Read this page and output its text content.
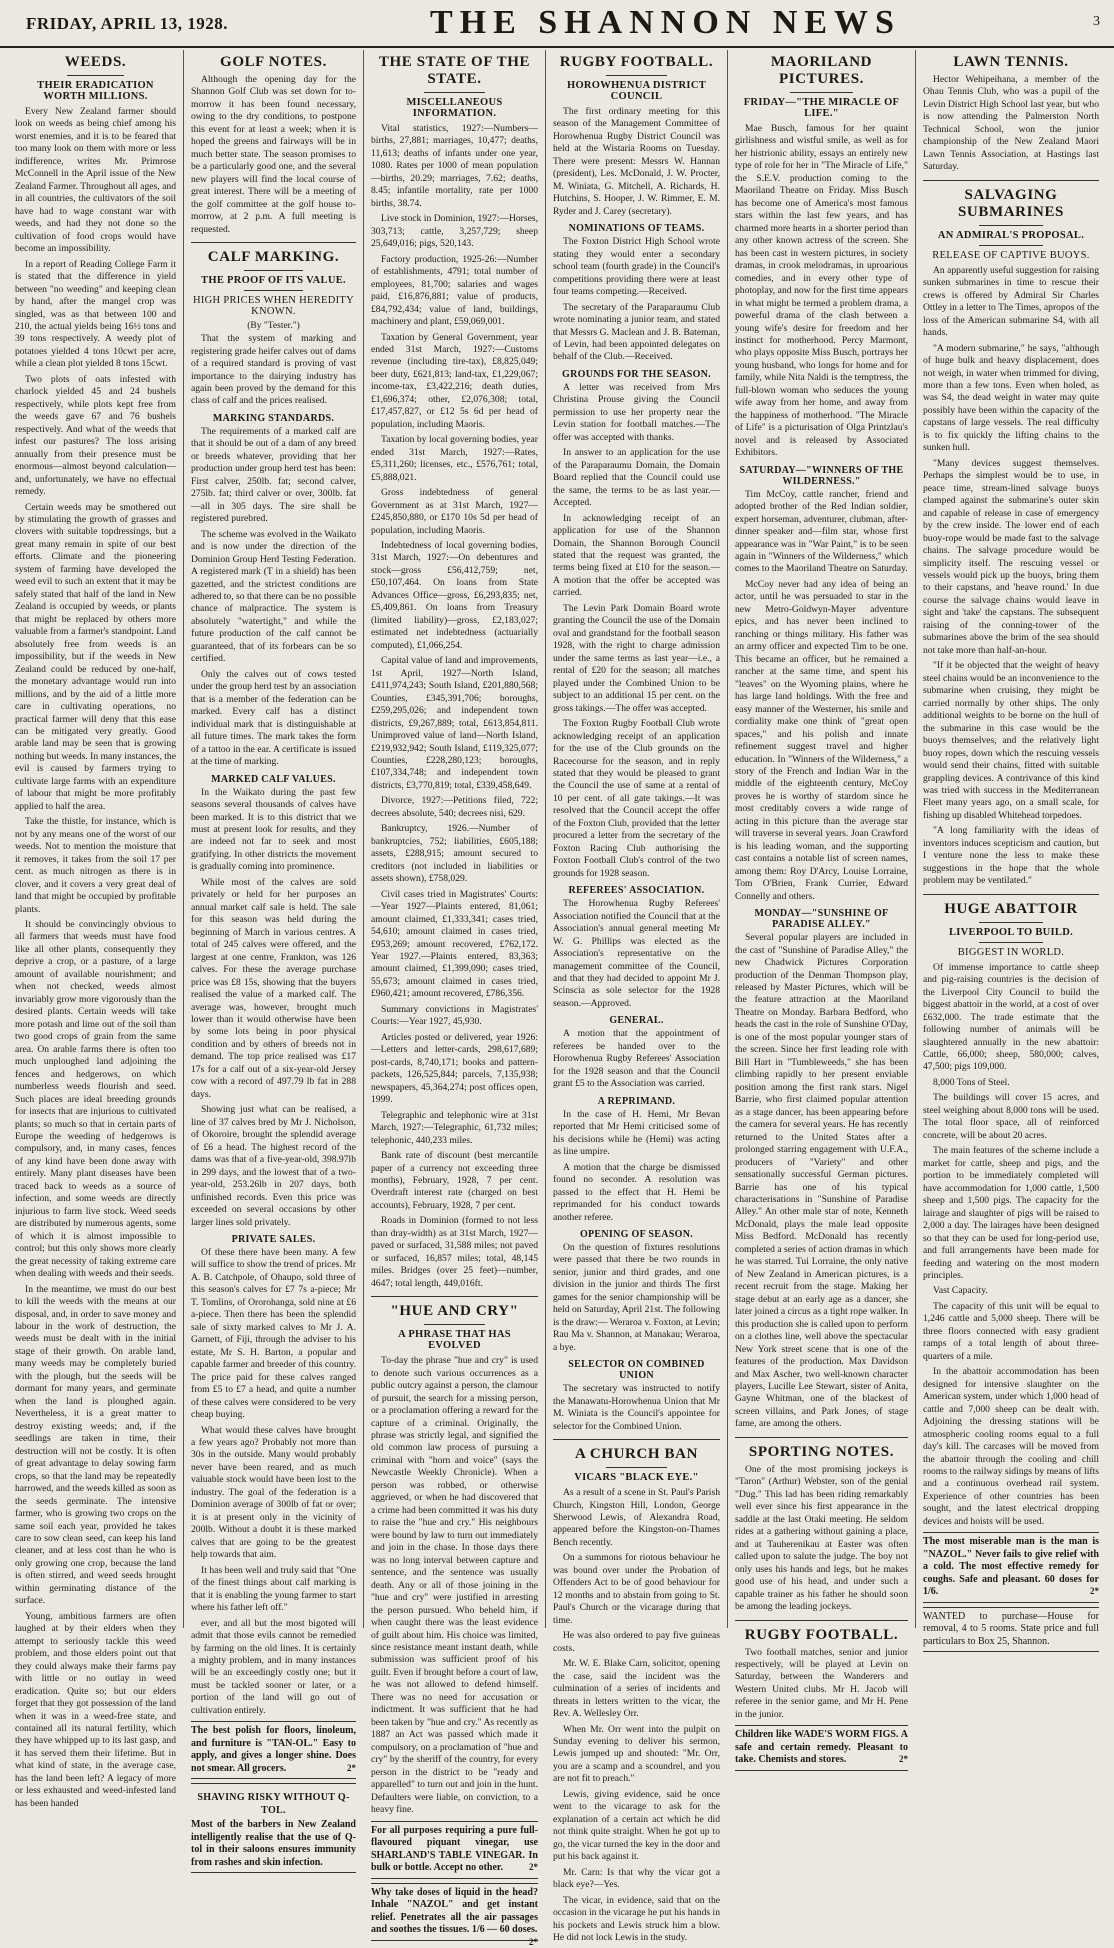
FRIDAY, APRIL 13, 1928.	THE SHANNON NEWS	3
WEEDS.
THEIR ERADICATION WORTH MILLIONS.

Every New Zealand farmer should look on weeds as being chief among his worst enemies, and it is to be feared that too many look on them with more or less indifference, writes Mr. Primrose McConnell in the April issue of the New Zealand Farmer. Throughout all ages, and in all countries, the cultivators of the soil have had to wage constant war with weeds, and had they not done so the cultivation of food crops would have become an impossibility.

In a report of Reading College Farm it is stated that the difference in yield between "no weeding" and keeping clean by hand, after the mangel crop was singled, was as that between 100 and 210, the actual yields being 16½ tons and 39 tons respectively. A weedy plot of potatoes yielded 4 tons 10cwt per acre, while a clean plot yielded 8 tons 15cwt.

Two plots of oats infested with charlock yielded 45 and 24 bushels respectively, while plots kept free from the weeds gave 67 and 76 bushels respectively. And what of the weeds that infest our pastures? The loss arising annually from their presence must be enormous—almost beyond calculation—and, unfortunately, we have no effectual remedy.

Certain weeds may be smothered out by stimulating the growth of grasses and clovers with suitable topdressings, but a great many remain in spite of our best efforts. Climate and the pioneering system of farming have developed the weed evil to such an extent that it may be safely stated that half of the land in New Zealand is occupied by weeds, or plants that might be replaced by others more valuable from a farmer's standpoint. Land absolutely free from weeds is an impossibility, but if the weeds in New Zealand could be reduced by one-half, the monetary advantage would run into millions, and by the aid of a little more care in cultivating operations, no practical farmer will deny that this ease can be mitigated very greatly. Good arable land may be seen that is growing nothing but weeds. In many instances, the evil is caused by farmers trying to cultivate large farms with an expenditure of labour that might be more profitably applied to half the area.

Take the thistle, for instance, which is not by any means one of the worst of our weeds. Not to mention the moisture that it removes, it takes from the soil 17 per cent. as much nitrogen as there is in clover, and it covers a very great deal of land that might be occupied by profitable plants.

It should be convincingly obvious to all farmers that weeds must have food like all other plants, consequently they deprive a crop, or a pasture, of a large amount of available nourishment; and when not checked, weeds almost invariably grow more vigorously than the desired plants. Certain weeds will take more potash and lime out of the soil than two good crops of grain from the same area. On arable farms there is often too much unploughed land adjoining the fences and hedgerows, on which numberless weeds flourish and seed. Such places are ideal breeding grounds for insects that are injurious to cultivated plants; so much so that in certain parts of Europe the weeding of hedgerows is compulsory, and, in many cases, fences of any kind have been done away with entirely. Many plant diseases have been traced back to weeds as a source of infection, and some weeds are directly injurious to farm live stock. Weed seeds are distributed by numerous agents, some of which it is almost impossible to control; but this only shows more clearly the great necessity of taking extreme care when dealing with weeds and their seeds.

In the meantime, we must do our best to kill the weeds with the means at our disposal, and, in order to save money and labour in the work of destruction, the weeds must be dealt with in the initial stage of their growth. On arable land, many weeds may be completely buried with the plough, but the seeds will be dormant for many years, and germinate when the land is ploughed again. Nevertheless, it is a great matter to destroy existing weeds; and, if the seedlings are taken in time, their destruction will not be costly. It is often of great advantage to delay sowing farm crops, so that the land may be repeatedly harrowed, and the weeds killed as soon as the seeds germinate. The intensive farmer, who is growing two crops on the same soil each year, provided he takes care to sow clean seed, can keep his land cleaner, and at less cost than he who is only growing one crop, because the land is often stirred, and weed seeds brought within germinating distance of the surface.

Young, ambitious farmers are often laughed at by their elders when they attempt to seriously tackle this weed problem, and those elders point out that they could always make their farms pay with little or no outlay in weed eradication. Quite so; but our elders forget that they got possession of the land when it was in a weed-free state, and contained all its natural fertility, which they have whipped up to its last gasp, and it has served them their lifetime. But in what kind of state, in the average case, has the land been left? A legacy of more or less exhausted and weed-infested land has been handed

GOLF NOTES.

Although the opening day for the Shannon Golf Club was set down for to-morrow it has been found necessary, owing to the dry conditions, to postpone this event for at least a week; when it is hoped the greens and fairways will be in much better state. The season promises to be a particularly good one, and the several new players will find the local course of great interest. There will be a meeting of the golf committee at the golf house to-morrow, at 2 p.m. A full meeting is requested.

CALF MARKING.
THE PROOF OF ITS VALUE.
HIGH PRICES WHEN HEREDITY KNOWN.
(By "Tester.")

That the system of marking and registering grade heifer calves out of dams of a required standard is proving of vast importance to the dairying industry has again been proved by the demand for this class of calf and the prices realised.

MARKING STANDARDS.

The requirements of a marked calf are that it should be out of a dam of any breed or breeds whatever, providing that her production under group herd test has been: First calver, 250lb. fat; second calver, 275lb. fat; third calver or over, 300lb. fat—all in 305 days. The sire shall be registered purebred.

The scheme was evolved in the Waikato and is now under the direction of the Dominion Group Herd Testing Federation. A registered mark (T in a shield) has been gazetted, and the strictest conditions are adhered to, so that there can be no possible chance of malpractice. The system is absolutely "watertight," and while the future production of the calf cannot be guaranteed, that of its forbears can be so certified.

Only the calves out of cows tested under the group herd test by an association that is a member of the federation can be marked. Every calf has a distinct individual mark that is distinguishable at all future times. The mark takes the form of a tattoo in the ear. A certificate is issued at the time of marking.

MARKED CALF VALUES.

In the Waikato during the past few seasons several thousands of calves have been marked. It is to this district that we must at present look for results, and they are indeed not far to seek and most gratifying. In other districts the movement is gradually coming into prominence.

While most of the calves are sold privately or held for her purposes an annual market calf sale is held. The sale for this season was held during the beginning of March in various centres. A total of 245 calves were offered, and the largest at one centre, Frankton, was 126 calves. For these the average purchase price was £8 15s, showing that the buyers realised the value of a marked calf. The average was, however, brought much lower than it would otherwise have been by some lots being in poor physical condition and by others of breeds not in demand. The top price realised was £17 17s for a calf out of a six-year-old Jersey cow with a record of 497.79 lb fat in 288 days.

Showing just what can be realised, a line of 37 calves bred by Mr J. Nicholson, of Okoroire, brought the splendid average of £6 a head. The highest record of the dams was that of a five-year-old, 398.97lb in 299 days, and the lowest that of a two-year-old, 253.26lb in 207 days, both unfinished records. Even this price was exceeded on several occasions by other larger lines sold privately.

PRIVATE SALES.

Of these there have been many. A few will suffice to show the trend of prices. Mr A. B. Catchpole, of Ohaupo, sold three of this season's calves for £7 7s a-piece; Mr T. Tomlins, of Ororohanga, sold nine at £6 a-piece. Then there has been the splendid sale of sixty marked calves to Mr J. A. Garnett, of Fiji, through the adviser to his estate, Mr S. H. Barton, a popular and capable farmer and breeder of this country. The price paid for these calves ranged from £5 to £7 a head, and quite a number of these calves were considered to be very cheap buying.

What would these calves have brought a few years ago? Probably not more than 30s in the outside. Many would probably never have been reared, and as much valuable stock would have been lost to the industry. The goal of the federation is a Dominion average of 300lb of fat or over; it is at present only in the vicinity of 200lb. Without a doubt it is these marked calves that are going to be the greatest help towards that aim.

It has been well and truly said that "One of the finest things about calf marking is that it is enabling the young farmer to start where his father left off."

ever, and all but the most bigoted will admit that those evils cannot be remedied by farming on the old lines. It is certainly a mighty problem, and in many instances will be an exceedingly costly one; but it must be tackled sooner or later, or a portion of the land will go out of cultivation entirely.

The best polish for floors, linoleum, and furniture is "TAN-OL." Easy to apply, and gives a longer shine. Does not smear. All grocers.	2*
SHAVING RISKY WITHOUT Q-TOL.
Most of the barbers in New Zealand intelligently realise that the use of Q-tol in their saloons ensures immunity from rashes and skin infection.
THE STATE OF THE STATE.
MISCELLANEOUS INFORMATION.

Vital statistics, 1927:—Numbers—births, 27,881; marriages, 10,477; deaths, 11,613; deaths of infants under one year, 1080. Rates per 1000 of mean population—births, 20.29; marriages, 7.62; deaths, 8.45; infantile mortality, rate per 1000 births, 38.74.

Live stock in Dominion, 1927:—Horses, 303,713; cattle, 3,257,729; sheep 25,649,016; pigs, 520,143.

Factory production, 1925-26:—Number of establishments, 4791; total number of employees, 81,700; salaries and wages paid, £16,876,881; value of products, £84,792,434; value of land, buildings, machinery and plant, £59,069,001.

Taxation by General Government, year ended 31st March, 1927:—Customs revenue (including tire-tax), £8,825,049; beer duty, £621,813; land-tax, £1,229,067; income-tax, £3,422,216; death duties, £1,696,374; other, £2,076,308; total, £17,457,827, or £12 5s 6d per head of population, including Maoris.

Taxation by local governing bodies, year ended 31st March, 1927:—Rates, £5,311,260; licenses, etc., £576,761; total, £5,888,021.

Gross indebtedness of general Government as at 31st March, 1927—£245,850,880, or £170 10s 5d per head of population, including Maoris.

Indebtedness of local governing bodies, 31st March, 1927:—On debentures and stock—gross £56,412,759; net, £50,107,464. On loans from State Advances Office—gross, £6,293,835; net, £5,409,861. On loans from Treasury (limited liability)—gross, £2,183,027; estimated net indebtedness (actuarially computed), £1,066,254.

Capital value of land and improvements, 1st April, 1927—North Island, £411,974,243; South Island, £201,880,568; Counties, £345,391,706; boroughs, £259,295,026; and independent town districts, £9,267,889; total, £613,854,811. Unimproved value of land—North Island, £219,932,942; South Island, £119,325,077; Counties, £228,280,123; boroughs, £107,334,748; and independent town districts, £3,770,819; total, £339,458,649.

Divorce, 1927:—Petitions filed, 722; decrees absolute, 540; decrees nisi, 629.

Bankruptcy, 1926.—Number of bankruptcies, 752; liabilities, £605,188; assets, £288,915; amount secured to creditors (not included in liabilities or assets shown), £758,029.

Civil cases tried in Magistrates' Courts:—Year 1927—Plaints entered, 81,061; amount claimed, £1,333,341; cases tried, 54,610; amount claimed in cases tried, £953,269; amount recovered, £762,172. Year 1927.—Plaints entered, 83,363; amount claimed, £1,399,090; cases tried, 55,673; amount claimed in cases tried, £960,421; amount recovered, £786,356.

Summary convictions in Magistrates' Courts:—Year 1927, 45,930.

Articles posted or delivered, year 1926:—Letters and letter-cards, 298,617,689; post-cards, 8,740,171; books and pattern-packets, 126,525,844; parcels, 7,135,938; newspapers, 45,364,274; post offices open, 1999.

Telegraphic and telephonic wire at 31st March, 1927:—Telegraphic, 61,732 miles; telephonic, 440,233 miles.

Bank rate of discount (best mercantile paper of a currency not exceeding three months), February, 1928, 7 per cent. Overdraft interest rate (charged on best accounts), February, 1928, 7 per cent.

Roads in Dominion (formed to not less than dray-width) as at 31st March, 1927—paved or surfaced, 31,588 miles; not paved or surfaced, 16,857 miles; total, 48,145 miles. Bridges (over 25 feet)—number, 4647; total length, 449,016ft.

"HUE AND CRY"
A PHRASE THAT HAS EVOLVED

To-day the phrase "hue and cry" is used to denote such various occurrences as a public outcry against a person, the clamour of pursuit, the search for a missing person, or a proclamation offering a reward for the capture of a criminal. Originally, the phrase was strictly legal, and signified the old common law process of pursuing a criminal with "horn and voice" (says the Newcastle Weekly Chronicle). When a person was robbed, or otherwise aggrieved, or when he had discovered that a crime had been committed it was his duty to raise the "hue and cry." His neighbours were bound by law to turn out immediately and join in the chase. In those days there was no long interval between capture and sentence, and the sentence was usually death. Any or all of those joining in the "hue and cry" were justified in arresting the person pursued. Who beheld him, if when caught there was the least evidence of guilt about him. His choice was limited, since resistance meant instant death, while submission was sufficient proof of his guilt. Even if brought before a court of law, he was not allowed to defend himself. There was no need for accusation or indictment. It was sufficient that he had been taken by "hue and cry." As recently as 1887 an Act was passed which made it compulsory, on a proclamation of "hue and cry" by the sheriff of the country, for every person in the district to be "ready and apparelled" to turn out and join in the hunt. Defaulters were liable, on conviction, to a heavy fine.

For all purposes requiring a pure full-flavoured piquant vinegar, use SHARLAND'S TABLE VINEGAR. In bulk or bottle. Accept no other.	2*
Why take doses of liquid in the head? Inhale "NAZOL" and get instant relief. Penetrates all the air passages and soothes the tissues. 1/6 — 60 doses.
2*
RUGBY FOOTBALL.
HOROWHENUA DISTRICT COUNCIL

The first ordinary meeting for this season of the Management Committee of Horowhenua Rugby District Council was held at the Wistaria Rooms on Tuesday. There were present: Messrs W. Hannan (president), Les. McDonald, J. W. Procter, M. Winiata, G. Mitchell, A. Richards, H. Hutchins, S. Hooper, J. W. Rimmer, E. M. Ryder and J. Carey (secretary).

NOMINATIONS OF TEAMS.

The Foxton District High School wrote stating they would enter a secondary school team (fourth grade) in the Council's competitions providing there were at least four teams competing.—Received.

The secretary of the Paraparaumu Club wrote nominating a junior team, and stated that Messrs G. Maclean and J. B. Bateman, of Levin, had been appointed delegates on behalf of the Club.—Received.

GROUNDS FOR THE SEASON.

A letter was received from Mrs Christina Prouse giving the Council permission to use her property near the Levin station for football matches.—The offer was accepted with thanks.

In answer to an application for the use of the Paraparaumu Domain, the Domain Board replied that the Council could use the same, the terms to be as last year.—Accepted.

In acknowledging receipt of an application for use of the Shannon Domain, the Shannon Borough Council stated that the request was granted, the terms being fixed at £10 for the season.—A motion that the offer be accepted was carried.

The Levin Park Domain Board wrote granting the Council the use of the Domain oval and grandstand for the football season 1928, with the right to charge admission under the same terms as last year—i.e., a rental of £20 for the season; all matches played under the Combined Union to be subject to an additional 15 per cent. on the gross takings.—The offer was accepted.

The Foxton Rugby Football Club wrote acknowledging receipt of an application for the use of the Club grounds on the Racecourse for the season, and in reply stated that they would be pleased to grant the Council the use of same at a rental of 10 per cent. of all gate takings.—It was resolved that the Council accept the offer of the Foxton Club, provided that the letter procured a letter from the secretary of the Foxton Racing Club authorising the Foxton Football Club's control of the two grounds for 1928 season.

REFEREES' ASSOCIATION.

The Horowhenua Rugby Referees' Association notified the Council that at the Association's annual general meeting Mr W. G. Phillips was elected as the Association's representative on the management committee of the Council, and that they had decided to appoint Mr J. Scinscia as sole selector for the 1928 season.—Approved.

GENERAL.

A motion that the appointment of referees be handed over to the Horowhenua Rugby Referees' Association for the 1928 season and that the Council grant £5 to the Association was carried.

A REPRIMAND.

In the case of H. Hemi, Mr Bevan reported that Mr Hemi criticised some of his decisions while he (Hemi) was acting as line umpire.

A motion that the charge be dismissed found no seconder. A resolution was passed to the effect that H. Hemi be reprimanded for his conduct towards another referee.

OPENING OF SEASON.

On the question of fixtures resolutions were passed that there be two rounds in senior, junior and third grades, and one division in the junior and thirds The first games for the senior championship will be held on Saturday, April 21st. The following is the draw:— Weraroa v. Foxton, at Levin; Rau Ma v. Shannon, at Manakau; Weraroa, a bye.

SELECTOR ON COMBINED UNION

The secretary was instructed to notify the Manawatu-Horowhenua Union that Mr M. Winiata is the Council's appointee for selector for the Combined Union.

A CHURCH BAN
VICARS "BLACK EYE."

As a result of a scene in St. Paul's Parish Church, Kingston Hill, London, George Sherwood Lewis, of Alexandra Road, appeared before the Kingston-on-Thames Bench recently.

On a summons for riotous behaviour he was bound over under the Probation of Offenders Act to be of good behaviour for 12 months and to abstain from going to St. Paul's Church or the vicarage during that time.

He was also ordered to pay five guineas costs.

Mr. W. E. Blake Carn, solicitor, opening the case, said the incident was the culmination of a series of incidents and threats in letters written to the vicar, the Rev. A. Wellesley Orr.

When Mr. Orr went into the pulpit on Sunday evening to deliver his sermon, Lewis jumped up and shouted: "Mr. Orr, you are a scamp and a scoundrel, and you are not fit to preach."

Lewis, giving evidence, said he once went to the vicarage to ask for the explanation of a certain act which he did not think quite straight. When he got up to go, the vicar turned the key in the door and put his back against it.

Mr. Carn: Is that why the vicar got a black eye?—Yes.

The vicar, in evidence, said that on the occasion in the vicarage he put his hands in his pockets and Lewis struck him a blow. He did not lock Lewis in the study.

MAORILAND PICTURES.
FRIDAY—"THE MIRACLE OF LIFE."

Mae Busch, famous for her quaint girlishness and wistful smile, as well as for her histrionic ability, essays an entirely new type of role for her in "The Miracle of Life," the S.E.V. production coming to the Maoriland Theatre on Friday. Miss Busch has become one of America's most famous stars within the last few years, and has charmed more hearts in a shorter period than any other known actress of the screen. She has been cast in western pictures, in society dramas, in crook melodramas, in uproarious comedies, and in every other type of photoplay, and now for the first time appears in what might be termed a problem drama, a powerful drama of the clash between a young wife's desire for freedom and her instinct for motherhood. Percy Marmont, who plays opposite Miss Busch, portrays her young husband, who longs for home and for family, while Nita Naldi is the temptress, the full-blown woman who seduces the young wife away from her home, and away from the happiness of motherhood. "The Miracle of Life" is a picturisation of Olga Printzlau's novel and is released by Associated Exhibitors.

SATURDAY—"WINNERS OF THE WILDERNESS."

Tim McCoy, cattle rancher, friend and adopted brother of the Red Indian soldier, expert horseman, adventurer, clubman, after-dinner speaker and—film star, whose first appearance was in "War Paint," is to be seen again in "Winners of the Wilderness," which comes to the Maoriland Theatre on Saturday.

McCoy never had any idea of being an actor, until he was persuaded to star in the new Metro-Goldwyn-Mayer adventure epics, and has never been inclined to ranching or things military. His father was an army officer and expected Tim to be one. This became an officer, but he remained a rancher at the same time, and spent his "leaves" on the Wyoming plains, where he has large land holdings. With the free and easy manner of the Westerner, his smile and cordiality make one think of "great open spaces," and his polish and innate refinement suggest travel and higher education. In "Winners of the Wilderness," a story of the French and Indian War in the middle of the eighteenth century, McCoy proves he is worthy of stardom since he most creditably covers a wide range of acting in this picture than the average star will traverse in several years. Joan Crawford is his leading woman, and the supporting cast contains a notable list of screen names, among them: Roy D'Arcy, Louise Lorraine, Tom O'Brien, Frank Currier, Edward Connelly and others.

MONDAY—"SUNSHINE OF PARADISE ALLEY."

Several popular players are included in the cast of "Sunshine of Paradise Alley," the new Chadwick Pictures Corporation production of the Denman Thompson play, released by Master Pictures, which will be the feature attraction at the Maoriland Theatre on Monday. Barbara Bedford, who heads the cast in the role of Sunshine O'Day, is one of the most popular younger stars of the screen. Since her first leading role with Bill Hart in "Tumbleweeds," she has been climbing rapidly to her present enviable position among the first rank stars. Nigel Barrie, who first claimed popular attention as a stage dancer, has been appearing before the camera for several years. He has recently returned to the United States after a prolonged starring engagement with U.F.A., producers of "Variety" and other sensationally successful German pictures. Barrie has one of his typical characterisations in "Sunshine of Paradise Alley." An other male star of note, Kenneth McDonald, plays the male lead opposite Miss Bedford. McDonald has recently completed a series of action dramas in which he was starred. Tui Lorraine, the only native of New Zealand in American pictures, is a recent recruit from the stage. Making her stage debut at an early age as a dancer, she later joined a circus as a tight rope walker. In this production she is called upon to perform on a clothes line, well above the spectacular New York street scene that is one of the features of the production. Max Davidson and Max Ascher, two well-known character players, Lucille Lee Stewart, sister of Anita, Gayne Whitman, one of the blackest of screen villains, and Park Jones, of stage fame, are among the others.

SPORTING NOTES.

One of the most promising jockeys is "Taron" (Arthur) Webster, son of the genial "Dug." This lad has been riding remarkably well ever since his first appearance in the saddle at the last Otaki meeting. He seldom rides at a gathering without gaining a place, and at Tauherenikau at Easter was often called upon to salute the judge. The boy not only uses his hands and legs, but he makes good use of his head, and under such a capable trainer as his father he should soon be among the leading jockeys.

RUGBY FOOTBALL.

Two football matches, senior and junior respectively, will be played at Levin on Saturday, between the Wanderers and Western United clubs. Mr H. Jacob will referee in the senior game, and Mr H. Pene in the junior.

Children like WADE'S WORM FIGS. A safe and certain remedy. Pleasant to take. Chemists and stores.	2*
LAWN TENNIS.

Hector Wehipeihana, a member of the Ohau Tennis Club, who was a pupil of the Levin District High School last year, but who is now attending the Palmerston North Technical School, won the junior championship of the New Zealand Maori Lawn Tennis Association, at Hastings last Saturday.

SALVAGING SUBMARINES
AN ADMIRAL'S PROPOSAL.
RELEASE OF CAPTIVE BUOYS.

An apparently useful suggestion for raising sunken submarines in time to rescue their crews is offered by Admiral Sir Charles Ottley in a letter to The Times, apropos of the loss of the American submarine S4, with all hands.

"A modern submarine," he says, "although of huge bulk and heavy displacement, does not weigh, in water when trimmed for diving, more than a few tons. Even when holed, as was S4, the dead weight in water may quite possibly have been within the capacity of the capstans of large vessels. The real difficulty is to fix quickly the lifting chains to the sunken hull.

"Many devices suggest themselves. Perhaps the simplest would be to use, in peace time, stream-lined salvage buoys clamped against the submarine's outer skin and capable of release in case of emergency by the crew inside. The lower end of each buoy-rope would be made fast to the salvage chains. The salvage procedure would be simplicity itself. The rescuing vessel or vessels would pick up the buoys, bring them to their capstans, and 'heave round.' In due course the salvage chains would leave in sight and 'take' the capstans. The subsequent raising of the conning-tower of the submarines above the brim of the sea should not take more than half-an-hour.

"If it be objected that the weight of heavy steel chains would be an inconvenience to the submarine when cruising, they might be carried normally by other ships. The only additional weights to be borne on the hull of the submarine in this case would be the buoys themselves, and the relatively light buoy ropes, down which the rescuing vessels would send their chains, fitted with suitable grappling devices. A contrivance of this kind was tried with success in the Mediterranean Fleet many years ago, on a small scale, for fishing up disabled Whitehead torpedoes.

"A long familiarity with the ideas of inventors induces scepticism and caution, but I venture none the less to make these suggestions in the hope that the whole problem may be ventilated."

HUGE ABATTOIR
LIVERPOOL TO BUILD.
BIGGEST IN WORLD.

Of immense importance to cattle sheep and pig-raising countries is the decision of the Liverpool City Council to build the biggest abattoir in the world, at a cost of over £632,000. The trade estimate that the following number of animals will be slaughtered annually in the new abattoir: Cattle, 66,000; sheep, 580,000; calves, 47,500; pigs 109,000.

8,000 Tons of Steel.

The buildings will cover 15 acres, and steel weighing about 8,000 tons will be used. The total floor space, all of reinforced concrete, will be about 20 acres.

The main features of the scheme include a market for cattle, sheep and pigs, and the portion to be immediately completed will have accommodation for 1,000 cattle, 1,500 sheep and 1,500 pigs. The capacity for the lairage and slaughter of pigs will be raised to 2,000 a day. The lairages have been designed so that they can be used for long-period use, and full arrangements have been made for feeding and watering on the most modern principles.

Vast Capacity.

The capacity of this unit will be equal to 1,246 cattle and 5,000 sheep. There will be three floors connected with easy gradient ramps of a total length of about three-quarters of a mile.

In the abattoir accommodation has been designed for intensive slaughter on the American system, under which 1,000 head of cattle and 7,000 sheep can be dealt with. Adjoining the dressing stations will be atmospheric cooling rooms equal to a full day's kill. The carcases will be moved from the abattoir through the cooling and chill rooms to the railway sidings by means of lifts and a continuous overhead rail system. Experience of other countries has been sought, and the latest electrical dropping devices and hoists will be used.

The most miserable man is the man is "NAZOL." Never fails to give relief with a cold. The most effective remedy for coughs. Safe and pleasant. 60 doses for 1/6.	2*
WANTED to purchase—House for removal, 4 to 5 rooms. State price and full particulars to Box 25, Shannon.
